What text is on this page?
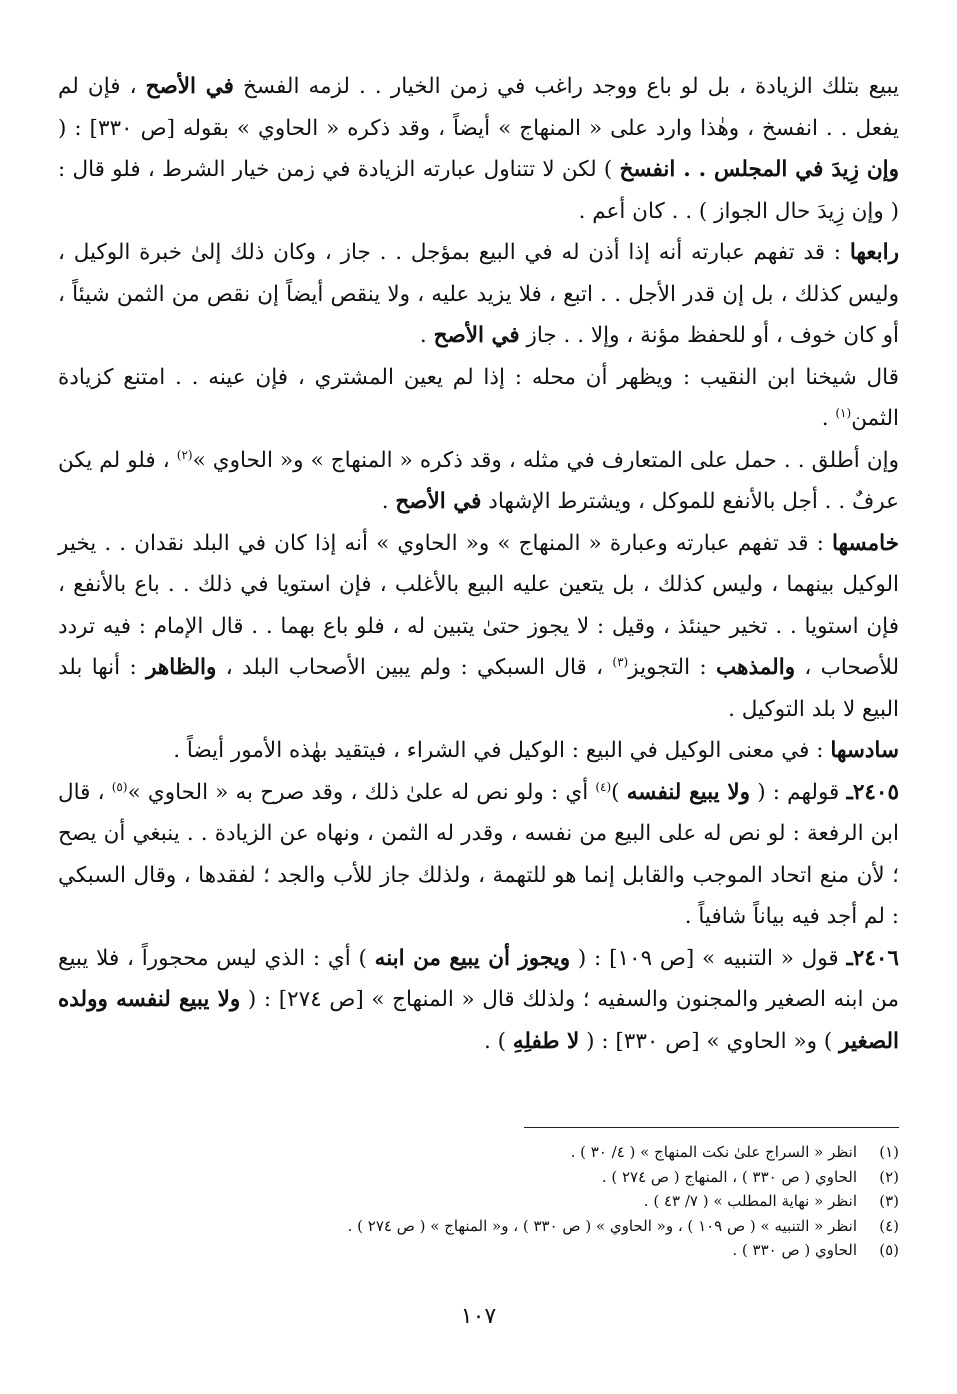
يبيع بتلك الزيادة ، بل لو باع ووجد راغب في زمن الخيار . . لزمه الفسخ في الأصح ، فإن لم يفعل . . انفسخ ، وهٰذا وارد على « المنهاج » أيضاً ، وقد ذكره « الحاوي » بقوله [ص ٣٣٠] : ( وإن زِيدَ في المجلس . . انفسخ ) لكن لا تتناول عبارته الزيادة في زمن خيار الشرط ، فلو قال : ( وإن زِيدَ حال الجواز ) . . كان أعم .

رابعها : قد تفهم عبارته أنه إذا أذن له في البيع بمؤجل . . جاز ، وكان ذلك إلىٰ خبرة الوكيل ، وليس كذلك ، بل إن قدر الأجل . . اتبع ، فلا يزيد عليه ، ولا ينقص أيضاً إن نقص من الثمن شيئاً ، أو كان خوف ، أو للحفظ مؤنة ، وإلا . . جاز في الأصح .

قال شيخنا ابن النقيب : ويظهر أن محله : إذا لم يعين المشتري ، فإن عينه . . امتنع كزيادة الثمن$^{(١)}$ .

وإن أطلق . . حمل على المتعارف في مثله ، وقد ذكره « المنهاج » و« الحاوي »$^{(٢)}$ ، فلو لم يكن عرفٌ . . أجل بالأنفع للموكل ، ويشترط الإشهاد في الأصح .

خامسها : قد تفهم عبارته وعبارة « المنهاج » و« الحاوي » أنه إذا كان في البلد نقدان . . يخير الوكيل بينهما ، وليس كذلك ، بل يتعين عليه البيع بالأغلب ، فإن استويا في ذلك . . باع بالأنفع ، فإن استويا . . تخير حينئذ ، وقيل : لا يجوز حتىٰ يتبين له ، فلو باع بهما . . قال الإمام : فيه تردد للأصحاب ، والمذهب : التجويز$^{(٣)}$ ، قال السبكي : ولم يبين الأصحاب البلد ، والظاهر : أنها بلد البيع لا بلد التوكيل .

سادسها : في معنى الوكيل في البيع : الوكيل في الشراء ، فيتقيد بهٰذه الأمور أيضاً .

٢٤٠٥ـ قولهم : ( ولا يبيع لنفسه )$^{(٤)}$ أي : ولو نص له علىٰ ذلك ، وقد صرح به « الحاوي »$^{(٥)}$ ، قال ابن الرفعة : لو نص له على البيع من نفسه ، وقدر له الثمن ، ونهاه عن الزيادة . . ينبغي أن يصح ؛ لأن منع اتحاد الموجب والقابل إنما هو للتهمة ، ولذلك جاز للأب والجد ؛ لفقدها ، وقال السبكي : لم أجد فيه بياناً شافياً .

٢٤٠٦ـ قول « التنبيه » [ص ١٠٩] : ( ويجوز أن يبيع من ابنه ) أي : الذي ليس محجوراً ، فلا يبيع من ابنه الصغير والمجنون والسفيه ؛ ولذلك قال « المنهاج » [ص ٢٧٤] : ( ولا يبيع لنفسه وولده الصغير ) و« الحاوي » [ص ٣٣٠] : ( لا طفلِهِ ) .

(١)
انظر « السراج علىٰ نكت المنهاج » ( ٤/ ٣٠ ) .
(٢)
الحاوي ( ص ٣٣٠ ) ، المنهاج ( ص ٢٧٤ ) .
(٣)
انظر « نهاية المطلب » ( ٧/ ٤٣ ) .
(٤)
انظر « التنبيه » ( ص ١٠٩ ) ، و« الحاوي » ( ص ٣٣٠ ) ، و« المنهاج » ( ص ٢٧٤ ) .
(٥)
الحاوي ( ص ٣٣٠ ) .
١٠٧
